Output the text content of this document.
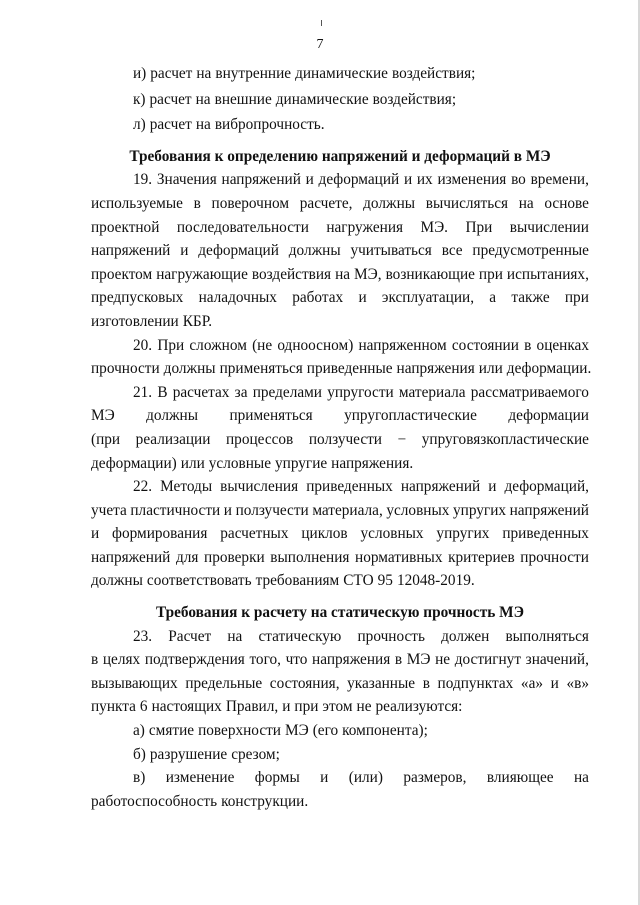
7
и) расчет на внутренние динамические воздействия;
к) расчет на внешние динамические воздействия;
л) расчет на вибропрочность.
Требования к определению напряжений и деформаций в МЭ
19. Значения напряжений и деформаций и их изменения во времени,
используемые в поверочном расчете, должны вычисляться на основе
проектной последовательности нагружения МЭ. При вычислении
напряжений и деформаций должны учитываться все предусмотренные
проектом нагружающие воздействия на МЭ, возникающие при испытаниях,
предпусковых наладочных работах и эксплуатации, а также при
изготовлении КБР.
20. При сложном (не одноосном) напряженном состоянии в оценках
прочности должны применяться приведенные напряжения или деформации.
21. В расчетах за пределами упругости материала рассматриваемого
МЭ должны применяться упругопластические деформации
(при реализации процессов ползучести − упруговязкопластические
деформации) или условные упругие напряжения.
22. Методы вычисления приведенных напряжений и деформаций,
учета пластичности и ползучести материала, условных упругих напряжений
и формирования расчетных циклов условных упругих приведенных
напряжений для проверки выполнения нормативных критериев прочности
должны соответствовать требованиям СТО 95 12048-2019.
Требования к расчету на статическую прочность МЭ
23. Расчет на статическую прочность должен выполняться
в целях подтверждения того, что напряжения в МЭ не достигнут значений,
вызывающих предельные состояния, указанные в подпунктах «а» и «в»
пункта 6 настоящих Правил, и при этом не реализуются:
а) смятие поверхности МЭ (его компонента);
б) разрушение срезом;
в) изменение формы и (или) размеров, влияющее на
работоспособность конструкции.
